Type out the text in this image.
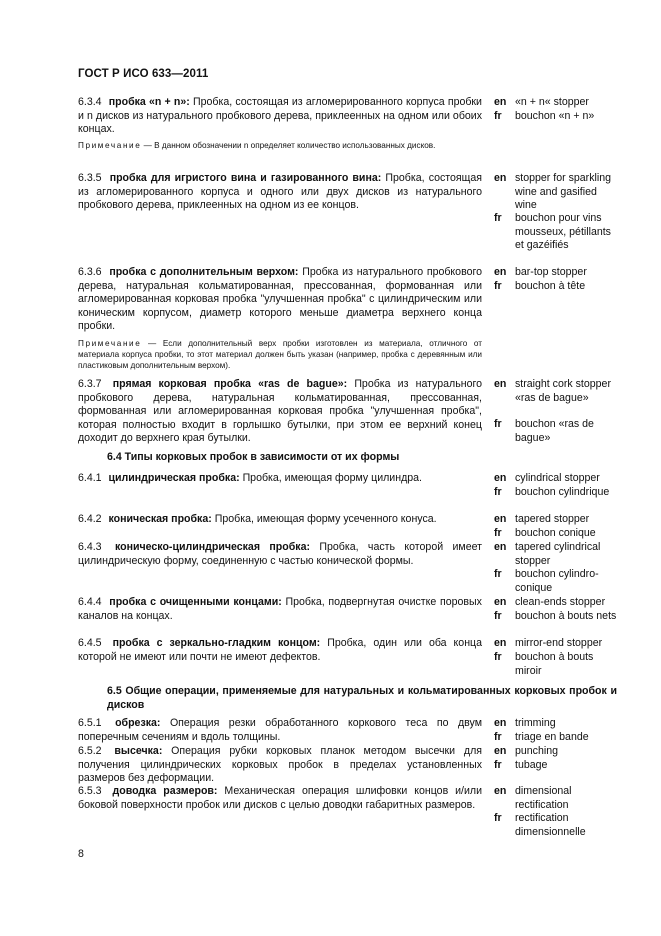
ГОСТ Р ИСО 633—2011
6.3.4 пробка «n + n»: Пробка, состоящая из агломерированного корпуса пробки и n дисков из натурального пробкового дерева, приклеенных на одном или обоих концах.
Примечание — В данном обозначении n определяет количество использованных дисков.
en «n + n« stopper
fr bouchon «n + n»
6.3.5 пробка для игристого вина и газированного вина: Пробка, состоящая из агломерированного корпуса и одного или двух дисков из натурального пробкового дерева, приклеенных на одном из ее концов.
en stopper for sparkling wine and gasified wine
fr bouchon pour vins mousseux, pétillants et gazéifiés
6.3.6 пробка с дополнительным верхом: Пробка из натурального пробкового дерева, натуральная кольматированная, прессованная, формованная или агломерированная корковая пробка "улучшенная пробка" с цилиндрическим или коническим корпусом, диаметр которого меньше диаметра верхнего конца пробки.
Примечание — Если дополнительный верх пробки изготовлен из материала, отличного от материала корпуса пробки, то этот материал должен быть указан (например, пробка с деревянным или пластиковым дополнительным верхом).
en bar-top stopper
fr bouchon à tête
6.3.7 прямая корковая пробка «ras de bague»: Пробка из натурального пробкового дерева, натуральная кольматированная, прессованная, формованная или агломерированная корковая пробка "улучшенная пробка", которая полностью входит в горлышко бутылки, при этом ее верхний конец доходит до верхнего края бутылки.
en straight cork stopper «ras de bague»
fr bouchon «ras de bague»
6.4 Типы корковых пробок в зависимости от их формы
6.4.1 цилиндрическая пробка: Пробка, имеющая форму цилиндра.	en cylindrical stopper
fr bouchon cylindrique
6.4.2 коническая пробка: Пробка, имеющая форму усеченного конуса.	en tapered stopper
fr bouchon conique
6.4.3 коническо-цилиндрическая пробка: Пробка, часть которой имеет цилиндрическую форму, соединенную с частью конической формы.
en tapered cylindrical stopper
fr bouchon cylindro-conique
6.4.4 пробка с очищенными концами: Пробка, подвергнутая очистке поровых каналов на концах.
en clean-ends stopper
fr bouchon à bouts nets
6.4.5 пробка с зеркально-гладким концом: Пробка, один или оба конца которой не имеют или почти не имеют дефектов.
en mirror-end stopper
fr bouchon à bouts miroir
6.5 Общие операции, применяемые для натуральных и кольматированных корковых пробок и дисков
6.5.1 обрезка: Операция резки обработанного коркового теса по двум поперечным сечениям и вдоль толщины.
en trimming
fr triage en bande
6.5.2 высечка: Операция рубки корковых планок методом высечки для получения цилиндрических корковых пробок в пределах установленных размеров без деформации.
en punching
fr tubage
6.5.3 доводка размеров: Механическая операция шлифовки концов и/или боковой поверхности пробок или дисков с целью доводки габаритных размеров.
en dimensional rectification
fr rectification dimensionnelle
8
